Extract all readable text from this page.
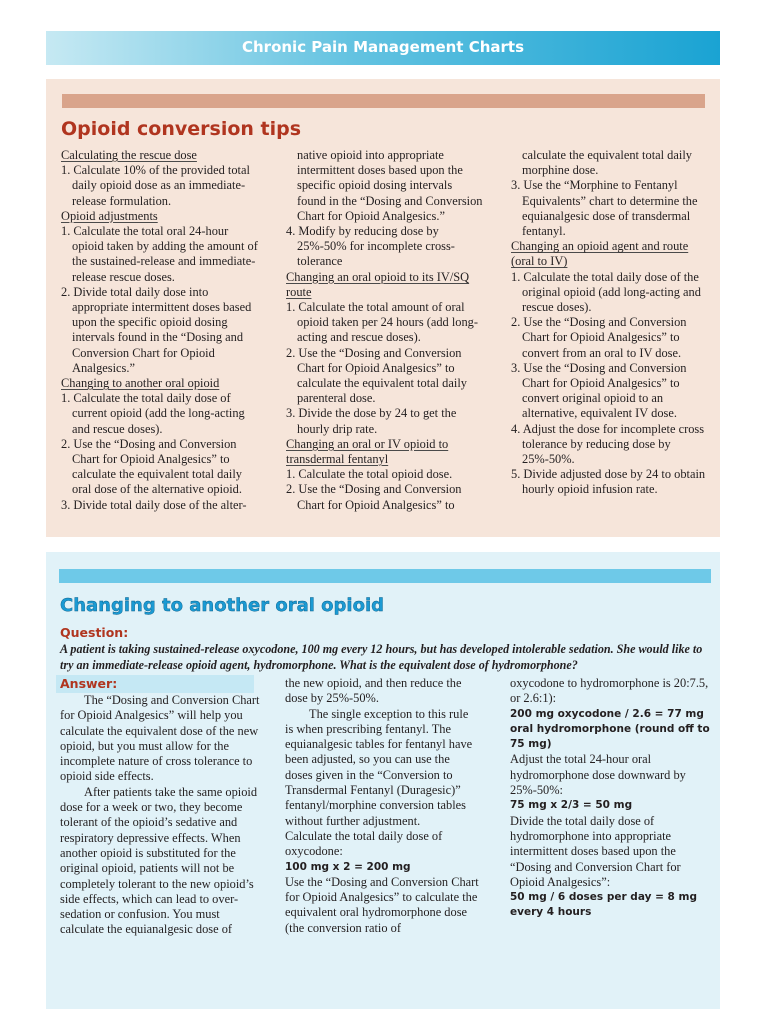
Chronic Pain Management Charts
Opioid conversion tips
Calculating the rescue dose
1. Calculate 10% of the provided total daily opioid dose as an immediate-release formulation.
Opioid adjustments
1. Calculate the total oral 24-hour opioid taken by adding the amount of the sustained-release and immediate-release rescue doses.
2. Divide total daily dose into appropriate intermittent doses based upon the specific opioid dosing intervals found in the “Dosing and Conversion Chart for Opioid Analgesics.”
Changing to another oral opioid
1. Calculate the total daily dose of current opioid (add the long-acting and rescue doses).
2. Use the “Dosing and Conversion Chart for Opioid Analgesics” to calculate the equivalent total daily oral dose of the alternative opioid.
3. Divide total daily dose of the alter-
native opioid into appropriate intermittent doses based upon the specific opioid dosing intervals found in the “Dosing and Conversion Chart for Opioid Analgesics.”
4. Modify by reducing dose by 25%-50% for incomplete cross-tolerance
Changing an oral opioid to its IV/SQ route
1. Calculate the total amount of oral opioid taken per 24 hours (add long-acting and rescue doses).
2. Use the “Dosing and Conversion Chart for Opioid Analgesics” to calculate the equivalent total daily parenteral dose.
3. Divide the dose by 24 to get the hourly drip rate.
Changing an oral or IV opioid to transdermal fentanyl
1. Calculate the total opioid dose.
2. Use the “Dosing and Conversion Chart for Opioid Analgesics” to
calculate the equivalent total daily morphine dose.
3. Use the “Morphine to Fentanyl Equivalents” chart to determine the equianalgesic dose of transdermal fentanyl.
Changing an opioid agent and route (oral to IV)
1. Calculate the total daily dose of the original opioid (add long-acting and rescue doses).
2. Use the “Dosing and Conversion Chart for Opioid Analgesics” to convert from an oral to IV dose.
3. Use the “Dosing and Conversion Chart for Opioid Analgesics” to convert original opioid to an alternative, equivalent IV dose.
4. Adjust the dose for incomplete cross tolerance by reducing dose by 25%-50%.
5. Divide adjusted dose by 24 to obtain hourly opioid infusion rate.
Changing to another oral opioid
Question:
A patient is taking sustained-release oxycodone, 100 mg every 12 hours, but has developed intolerable sedation. She would like to try an immediate-release opioid agent, hydromorphone. What is the equivalent dose of hydromorphone?
Answer:

The “Dosing and Conversion Chart for Opioid Analgesics” will help you calculate the equivalent dose of the new opioid, but you must allow for the incomplete nature of cross tolerance to opioid side effects.

After patients take the same opioid dose for a week or two, they become tolerant of the opioid’s sedative and respiratory depressive effects. When another opioid is substituted for the original opioid, patients will not be completely tolerant to the new opioid’s side effects, which can lead to over-sedation or confusion. You must calculate the equianalgesic dose of

the new opioid, and then reduce the dose by 25%-50%.

The single exception to this rule is when prescribing fentanyl. The equianalgesic tables for fentanyl have been adjusted, so you can use the doses given in the “Conversion to Transdermal Fentanyl (Duragesic)” fentanyl/morphine conversion tables without further adjustment.

Calculate the total daily dose of oxycodone:

100 mg x 2 = 200 mg

Use the “Dosing and Conversion Chart for Opioid Analgesics” to calculate the equivalent oral hydromorphone dose (the conversion ratio of

oxycodone to hydromorphone is 20:7.5, or 2.6:1):

200 mg oxycodone / 2.6 = 77 mg oral hydromorphone (round off to 75 mg)

Adjust the total 24-hour oral hydromorphone dose downward by 25%-50%:

75 mg x 2/3 = 50 mg

Divide the total daily dose of hydromorphone into appropriate intermittent doses based upon the “Dosing and Conversion Chart for Opioid Analgesics”:

50 mg / 6 doses per day = 8 mg every 4 hours
